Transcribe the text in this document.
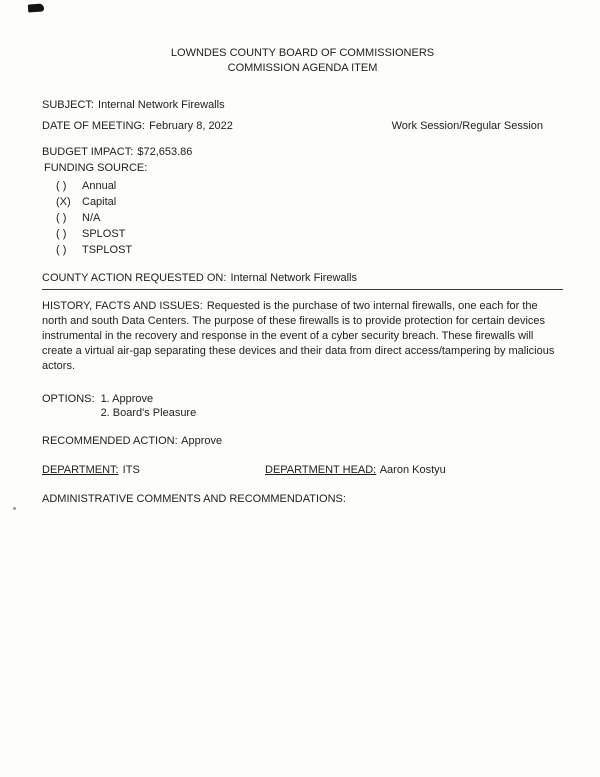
LOWNDES COUNTY BOARD OF COMMISSIONERS
COMMISSION AGENDA ITEM
SUBJECT: Internal Network Firewalls
DATE OF MEETING: February 8, 2022	Work Session/Regular Session
BUDGET IMPACT: $72,653.86
FUNDING SOURCE:
( )	Annual
(X)	Capital
( )	N/A
( )	SPLOST
( )	TSPLOST
COUNTY ACTION REQUESTED ON: Internal Network Firewalls

HISTORY, FACTS AND ISSUES: Requested is the purchase of two internal firewalls, one each for the north and south Data Centers. The purpose of these firewalls is to provide protection for certain devices instrumental in the recovery and response in the event of a cyber security breach. These firewalls will create a virtual air-gap separating these devices and their data from direct access/tampering by malicious actors.

OPTIONS: 1. Approve
2. Board's Pleasure
RECOMMENDED ACTION: Approve
DEPARTMENT: ITS	DEPARTMENT HEAD: Aaron Kostyu
ADMINISTRATIVE COMMENTS AND RECOMMENDATIONS:
